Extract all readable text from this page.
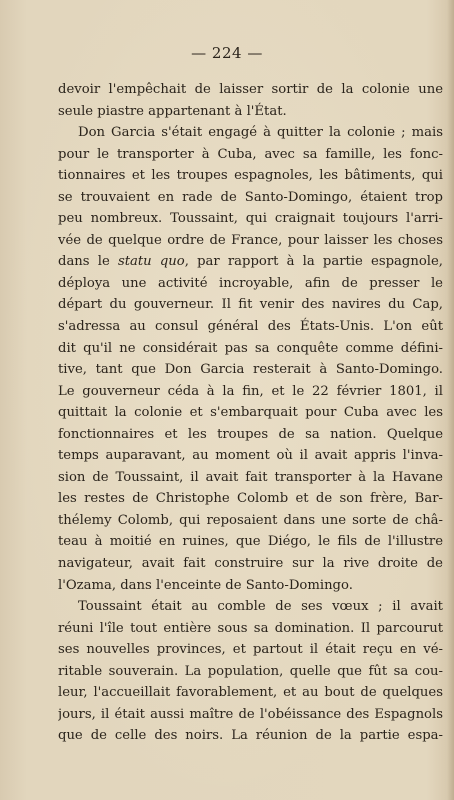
— 224 —
devoir l'empêchait de laisser sortir de la colonie une
seule piastre appartenant à l'État.
Don Garcia s'était engagé à quitter la colonie ; mais
pour le transporter à Cuba, avec sa famille, les fonc-
tionnaires et les troupes espagnoles, les bâtiments, qui
se trouvaient en rade de Santo-Domingo, étaient trop
peu nombreux. Toussaint, qui craignait toujours l'arri-
vée de quelque ordre de France, pour laisser les choses
dans le statu quo, par rapport à la partie espagnole,
déploya une activité incroyable, afin de presser le
départ du gouverneur. Il fit venir des navires du Cap,
s'adressa au consul général des États-Unis. L'on eût
dit qu'il ne considérait pas sa conquête comme défini-
tive, tant que Don Garcia resterait à Santo-Domingo.
Le gouverneur céda à la fin, et le 22 février 1801, il
quittait la colonie et s'embarquait pour Cuba avec les
fonctionnaires et les troupes de sa nation. Quelque
temps auparavant, au moment où il avait appris l'inva-
sion de Toussaint, il avait fait transporter à la Havane
les restes de Christophe Colomb et de son frère, Bar-
thélemy Colomb, qui reposaient dans une sorte de châ-
teau à moitié en ruines, que Diégo, le fils de l'illustre
navigateur, avait fait construire sur la rive droite de
l'Ozama, dans l'enceinte de Santo-Domingo.
Toussaint était au comble de ses vœux ; il avait
réuni l'île tout entière sous sa domination. Il parcourut
ses nouvelles provinces, et partout il était reçu en vé-
ritable souverain. La population, quelle que fût sa cou-
leur, l'accueillait favorablement, et au bout de quelques
jours, il était aussi maître de l'obéissance des Espagnols
que de celle des noirs. La réunion de la partie espa-
